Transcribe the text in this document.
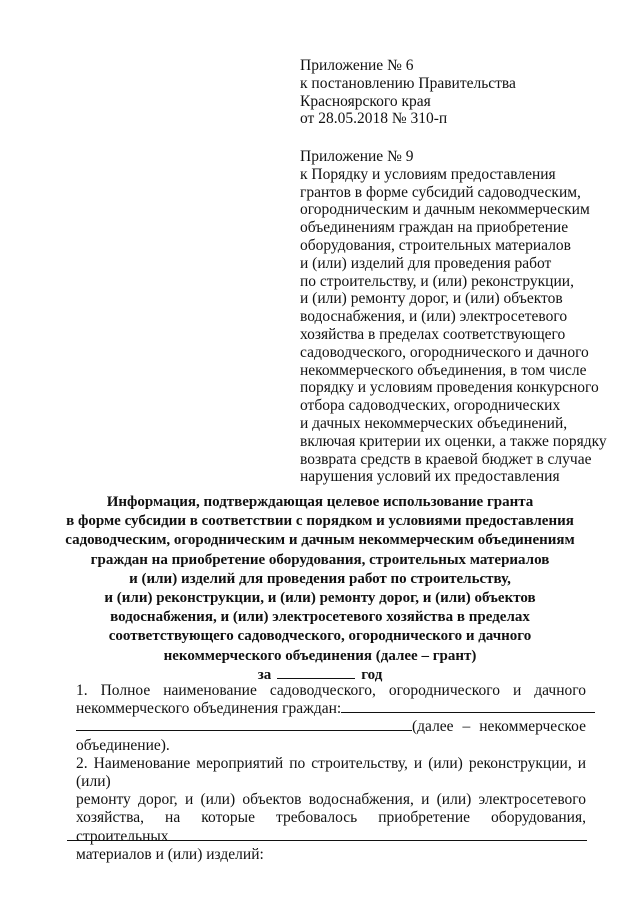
Приложение № 6
к постановлению Правительства
Красноярского края
от 28.05.2018 № 310-п
Приложение № 9
к Порядку и условиям предоставления
грантов в форме субсидий садоводческим,
огородническим и дачным некоммерческим
объединениям граждан на приобретение
оборудования, строительных материалов
и (или) изделий для проведения работ
по строительству, и (или) реконструкции,
и (или) ремонту дорог, и (или) объектов
водоснабжения, и (или) электросетевого
хозяйства в пределах соответствующего
садоводческого, огороднического и дачного
некоммерческого объединения, в том числе
порядку и условиям проведения конкурсного
отбора садоводческих, огороднических
и дачных некоммерческих объединений,
включая критерии их оценки, а также порядку
возврата средств в краевой бюджет в случае
нарушения условий их предоставления
Информация, подтверждающая целевое использование гранта
в форме субсидии в соответствии с порядком и условиями предоставления
садоводческим, огородническим и дачным некоммерческим объединениям
граждан на приобретение оборудования, строительных материалов
и (или) изделий для проведения работ по строительству,
и (или) реконструкции, и (или) ремонту дорог, и (или) объектов
водоснабжения, и (или) электросетевого хозяйства в пределах
соответствующего садоводческого, огороднического и дачного
некоммерческого объединения (далее – грант)
за	год
1. Полное наименование садоводческого, огороднического и дачного
некоммерческого объединения граждан:
(далее – некоммерческое
объединение).
2. Наименование мероприятий по строительству, и (или) реконструкции, и (или)
ремонту дорог, и (или) объектов водоснабжения, и (или) электросетевого
хозяйства, на которые требовалось приобретение оборудования, строительных
материалов и (или) изделий:
